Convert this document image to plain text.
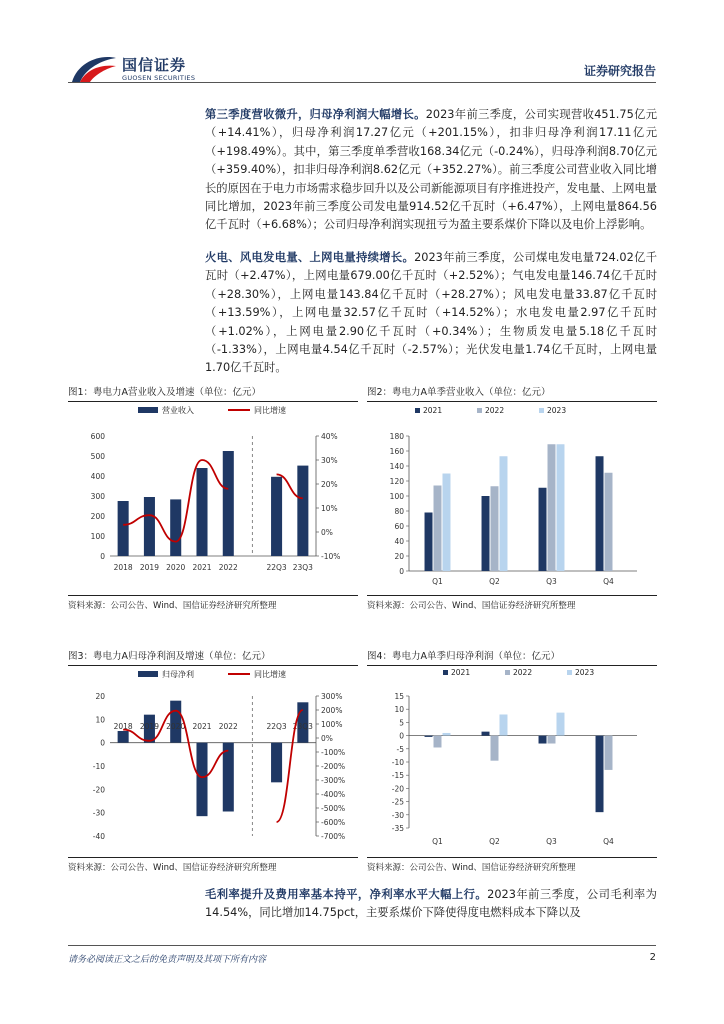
国信证券
GUOSEN SECURITIES	证券研究报告
第三季度营收微升，归母净利润大幅增长。2023年前三季度，公司实现营收451.75亿元（+14.41%），归母净利润17.27亿元（+201.15%），扣非归母净利润17.11亿元（+198.49%）。其中，第三季度单季营收168.34亿元（-0.24%），归母净利润8.70亿元（+359.40%），扣非归母净利润8.62亿元（+352.27%）。前三季度公司营业收入同比增长的原因在于电力市场需求稳步回升以及公司新能源项目有序推进投产，发电量、上网电量同比增加，2023年前三季度公司发电量914.52亿千瓦时（+6.47%），上网电量864.56亿千瓦时（+6.68%）；公司归母净利润实现扭亏为盈主要系煤价下降以及电价上浮影响。
火电、风电发电量、上网电量持续增长。2023年前三季度，公司煤电发电量724.02亿千瓦时（+2.47%），上网电量679.00亿千瓦时（+2.52%）；气电发电量146.74亿千瓦时（+28.30%），上网电量143.84亿千瓦时（+28.27%）；风电发电量33.87亿千瓦时（+13.59%），上网电量32.57亿千瓦时（+14.52%）；水电发电量2.97亿千瓦时（+1.02%），上网电量2.90亿千瓦时（+0.34%）；生物质发电量5.18亿千瓦时（-1.33%），上网电量4.54亿千瓦时（-2.57%）；光伏发电量1.74亿千瓦时，上网电量1.70亿千瓦时。
图1：粤电力A营业收入及增速（单位：亿元）
营业收入	同比增速
0
100
200
300
400
500
600
-10%
0%
10%
20%
30%
40%
2018 2019 2020 2021 2022	22Q3 23Q3
资料来源：公司公告、Wind、国信证券经济研究所整理
图2：粤电力A单季营业收入（单位：亿元）
2021	2022	2023
0
20
40
60
80
100
120
140
160
180
Q1	Q2	Q3	Q4
资料来源：公司公告、Wind、国信证券经济研究所整理
图3：粤电力A归母净利润及增速（单位：亿元）
归母净利	同比增速
-40
-30
-20
-10
0
10
20
-700%
-600%
-500%
-400%
-300%
-200%
-100%
0%
100%
200%
300%
2018 2019 2020 2021 2022	22Q3 23Q3
资料来源：公司公告、Wind、国信证券经济研究所整理
图4：粤电力A单季归母净利润（单位：亿元）
2021	2022	2023
-35
-30
-25
-20
-15
-10
-5
0
5
10
15
Q1	Q2	Q3	Q4
资料来源：公司公告、Wind、国信证券经济研究所整理
毛利率提升及费用率基本持平，净利率水平大幅上行。2023年前三季度，公司毛利率为14.54%，同比增加14.75pct，主要系煤价下降使得度电燃料成本下降以及
请务必阅读正文之后的免责声明及其项下所有内容	2
